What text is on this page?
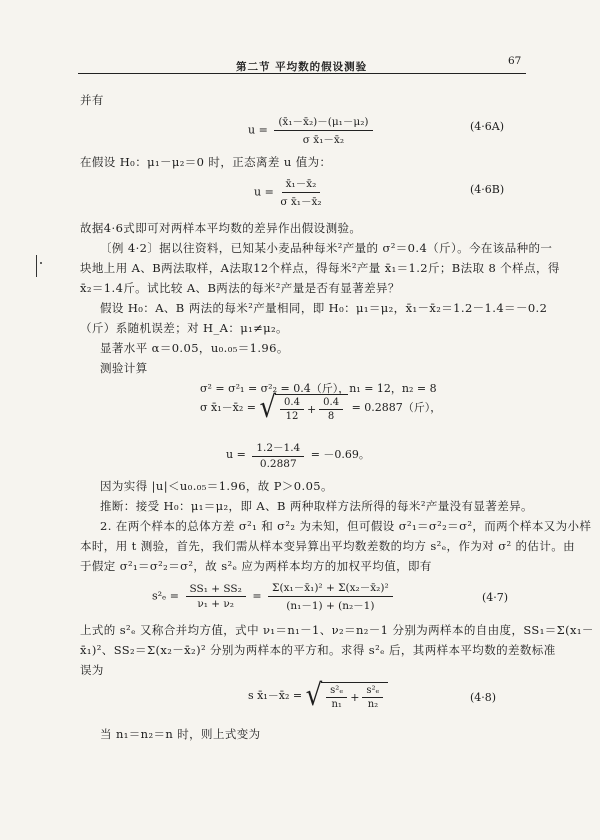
第二节 平均数的假设测验	67
并有
$u = \frac{\text{(x̄₁－x̄₂)－(μ₁－μ₂)}}{\text{σ x̄₁－x̄₂}}$	(4·6A)
在假设 H₀：μ₁－μ₂＝0 时，正态离差 u 值为：
$u = \frac{\text{x̄₁－x̄₂}}{\text{σ x̄₁－x̄₂}}$	(4·6B)
故据4·6式即可对两样本平均数的差异作出假设测验。
〔例 4·2〕据以往资料，已知某小麦品种每米²产量的 σ²＝0.4（斤）。今在该品种的一
块地上用 A、B两法取样，A法取12个样点，得每米²产量 x̄₁＝1.2斤；B法取 8 个样点，得
x̄₂＝1.4斤。试比较 A、B两法的每米²产量是否有显著差异？
假设 H₀：A、B 两法的每米²产量相同，即 H₀：μ₁＝μ₂，x̄₁－x̄₂＝1.2－1.4＝－0.2
（斤）系随机误差；对 H_A：μ₁≠μ₂。
显著水平 α＝0.05，u₀.₀₅＝1.96。
测验计算
σ² = σ²₁ = σ²₂ = 0.4（斤），n₁ = 12，n₂ = 8
σ x̄₁－x̄₂ = √ $\frac{0.4}{12} + \frac{0.4}{8} = 0.2887$（斤），
$u = \frac{1.2-1.4}{0.2887} = -0.69$。
因为实得 |u|＜u₀.₀₅＝1.96，故 P＞0.05。
推断：接受 H₀：μ₁＝μ₂，即 A、B 两种取样方法所得的每米²产量没有显著差异。
2. 在两个样本的总体方差 σ²₁ 和 σ²₂ 为未知，但可假设 σ²₁＝σ²₂＝σ²，而两个样本又为小样
本时，用 t 测验，首先，我们需从样本变异算出平均数差数的均方 s²ₑ，作为对 σ² 的估计。由
于假定 σ²₁＝σ²₂＝σ²，故 s²ₑ 应为两样本均方的加权平均值，即有
$s^2_e = \frac{\text{SS₁ + SS₂}}{\text{ν₁ + ν₂}} = \frac{\text{Σ(x₁－x̄₁)² + Σ(x₂－x̄₂)²}}{\text{(n₁－1) + (n₂－1)}}$	(4·7)
上式的 s²ₑ 又称合并均方值，式中 ν₁＝n₁－1、ν₂＝n₂－1 分别为两样本的自由度，SS₁＝Σ(x₁－
x̄₁)²、SS₂＝Σ(x₂－x̄₂)² 分别为两样本的平方和。求得 s²ₑ 后，其两样本平均数的差数标准
误为
s x̄₁－x̄₂ = √ $\frac{\text{s²ₑ}}{\text{n₁}} + \frac{\text{s²ₑ}}{\text{n₂}}$	(4·8)
当 n₁＝n₂＝n 时，则上式变为
